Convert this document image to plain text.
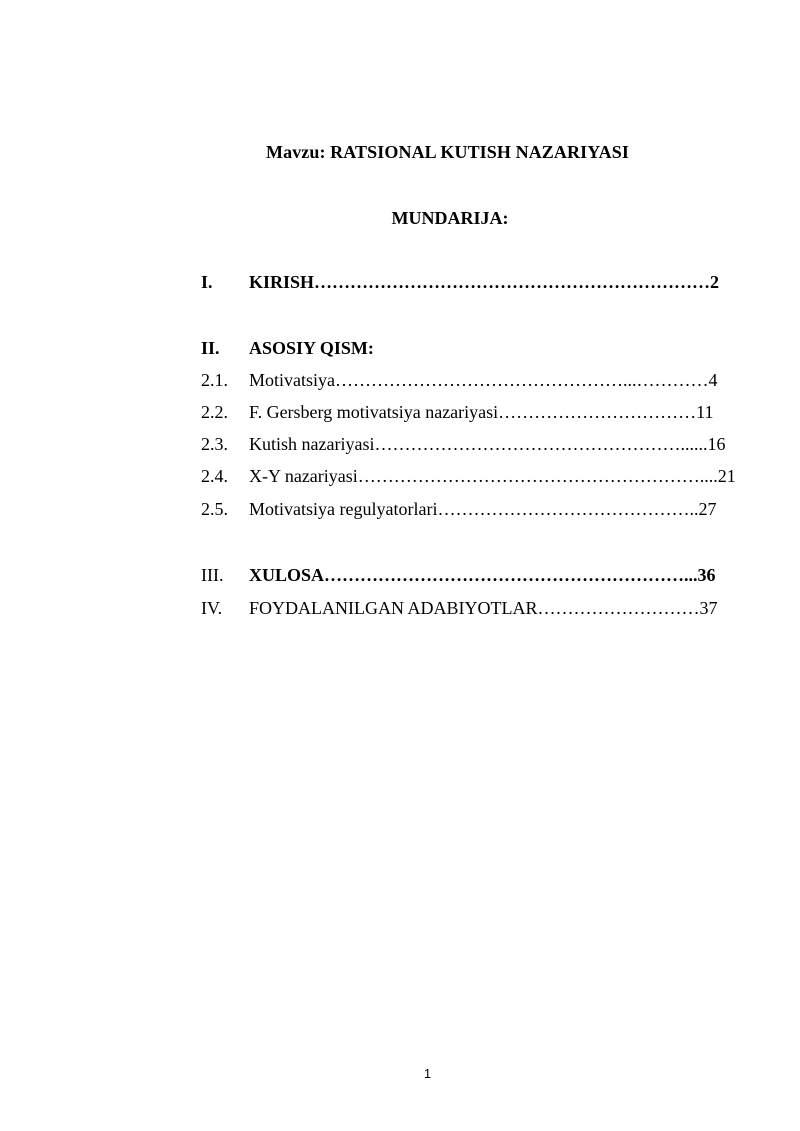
Mavzu: RATSIONAL KUTISH NAZARIYASI
MUNDARIJA:
I. KIRISH…………………………………………………………2
II. ASOSIY QISM:
2.1. Motivatsiya…………………………………………...…………4
2.2. F. Gersberg motivatsiya nazariyasi……………………………11
2.3. Kutish nazariyasi……………………………………………......16
2.4. X-Y nazariyasi…………………………………………………....21
2.5. Motivatsiya regulyatorlari……………………………………..27
III. XULOSA……………………………………………………...36
IV. FOYDALANILGAN ADABIYOTLAR………………………37
1
